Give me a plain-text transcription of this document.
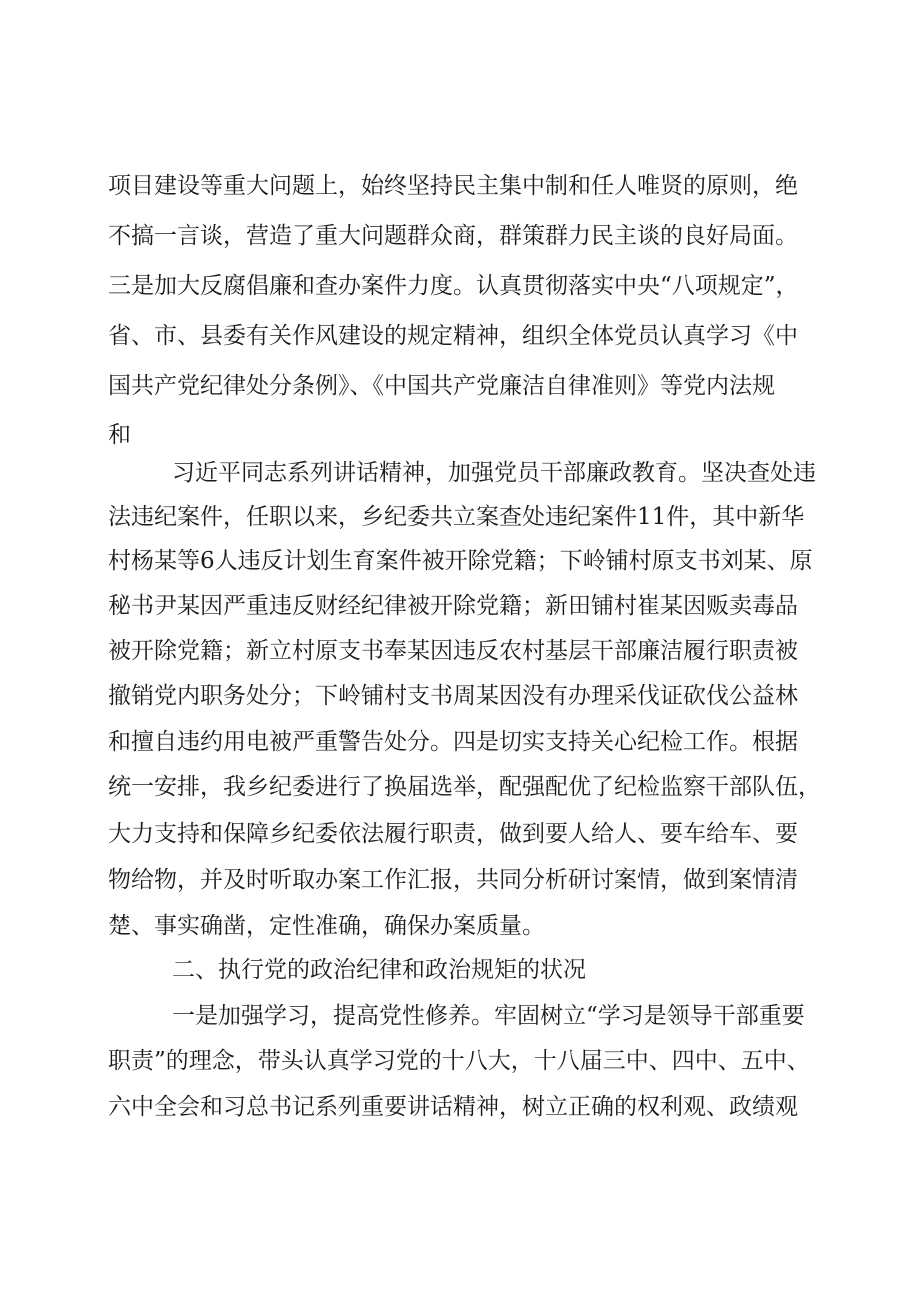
项目建设等重大问题上，始终坚持民主集中制和任人唯贤的原则，绝
不搞一言谈，营造了重大问题群众商，群策群力民主谈的良好局面。
三是加大反腐倡廉和查办案件力度。认真贯彻落实中央“八项规定”，
省、市、县委有关作风建设的规定精神，组织全体党员认真学习《中
国共产党纪律处分条例》、《中国共产党廉洁自律准则》等党内法规
和
习近平同志系列讲话精神，加强党员干部廉政教育。坚决查处违
法违纪案件，任职以来，乡纪委共立案查处违纪案件11件，其中新华
村杨某等6人违反计划生育案件被开除党籍；下岭铺村原支书刘某、原
秘书尹某因严重违反财经纪律被开除党籍；新田铺村崔某因贩卖毒品
被开除党籍；新立村原支书奉某因违反农村基层干部廉洁履行职责被
撤销党内职务处分；下岭铺村支书周某因没有办理采伐证砍伐公益林
和擅自违约用电被严重警告处分。四是切实支持关心纪检工作。根据
统一安排，我乡纪委进行了换届选举，配强配优了纪检监察干部队伍，
大力支持和保障乡纪委依法履行职责，做到要人给人、要车给车、要
物给物，并及时听取办案工作汇报，共同分析研讨案情，做到案情清
楚、事实确凿，定性准确，确保办案质量。
二、执行党的政治纪律和政治规矩的状况
一是加强学习，提高党性修养。牢固树立“学习是领导干部重要
职责”的理念，带头认真学习党的十八大，十八届三中、四中、五中、
六中全会和习总书记系列重要讲话精神，树立正确的权利观、政绩观
